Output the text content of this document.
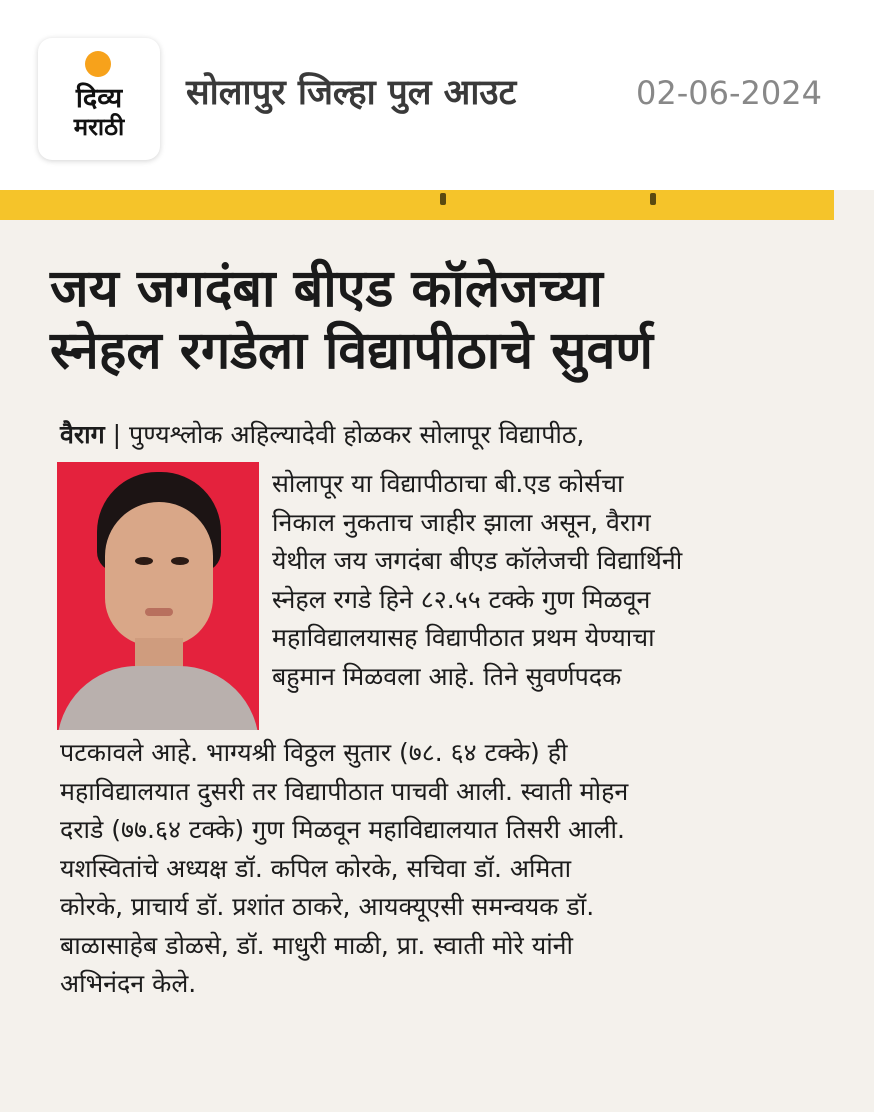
दिव्य
मराठी
सोलापुर जिल्हा पुल आउट	02-06-2024
जय जगदंबा बीएड कॉलेजच्या
स्नेहल रगडेला विद्यापीठाचे सुवर्ण
वैराग | पुण्यश्लोक अहिल्यादेवी होळकर सोलापूर विद्यापीठ,
सोलापूर या विद्यापीठाचा बी.एड कोर्सचा
निकाल नुकताच जाहीर झाला असून, वैराग
येथील जय जगदंबा बीएड कॉलेजची विद्यार्थिनी
स्नेहल रगडे हिने ८२.५५ टक्के गुण मिळवून
महाविद्यालयासह विद्यापीठात प्रथम येण्याचा
बहुमान मिळवला आहे. तिने सुवर्णपदक
पटकावले आहे. भाग्यश्री विठ्ठल सुतार (७८. ६४ टक्के) ही
महाविद्यालयात दुसरी तर विद्यापीठात पाचवी आली. स्वाती मोहन
दराडे (७७.६४ टक्के) गुण मिळवून महाविद्यालयात तिसरी आली.
यशस्वितांचे अध्यक्ष डॉ. कपिल कोरके, सचिवा डॉ. अमिता
कोरके, प्राचार्य डॉ. प्रशांत ठाकरे, आयक्यूएसी समन्वयक डॉ.
बाळासाहेब डोळसे, डॉ. माधुरी माळी, प्रा. स्वाती मोरे यांनी
अभिनंदन केले.
